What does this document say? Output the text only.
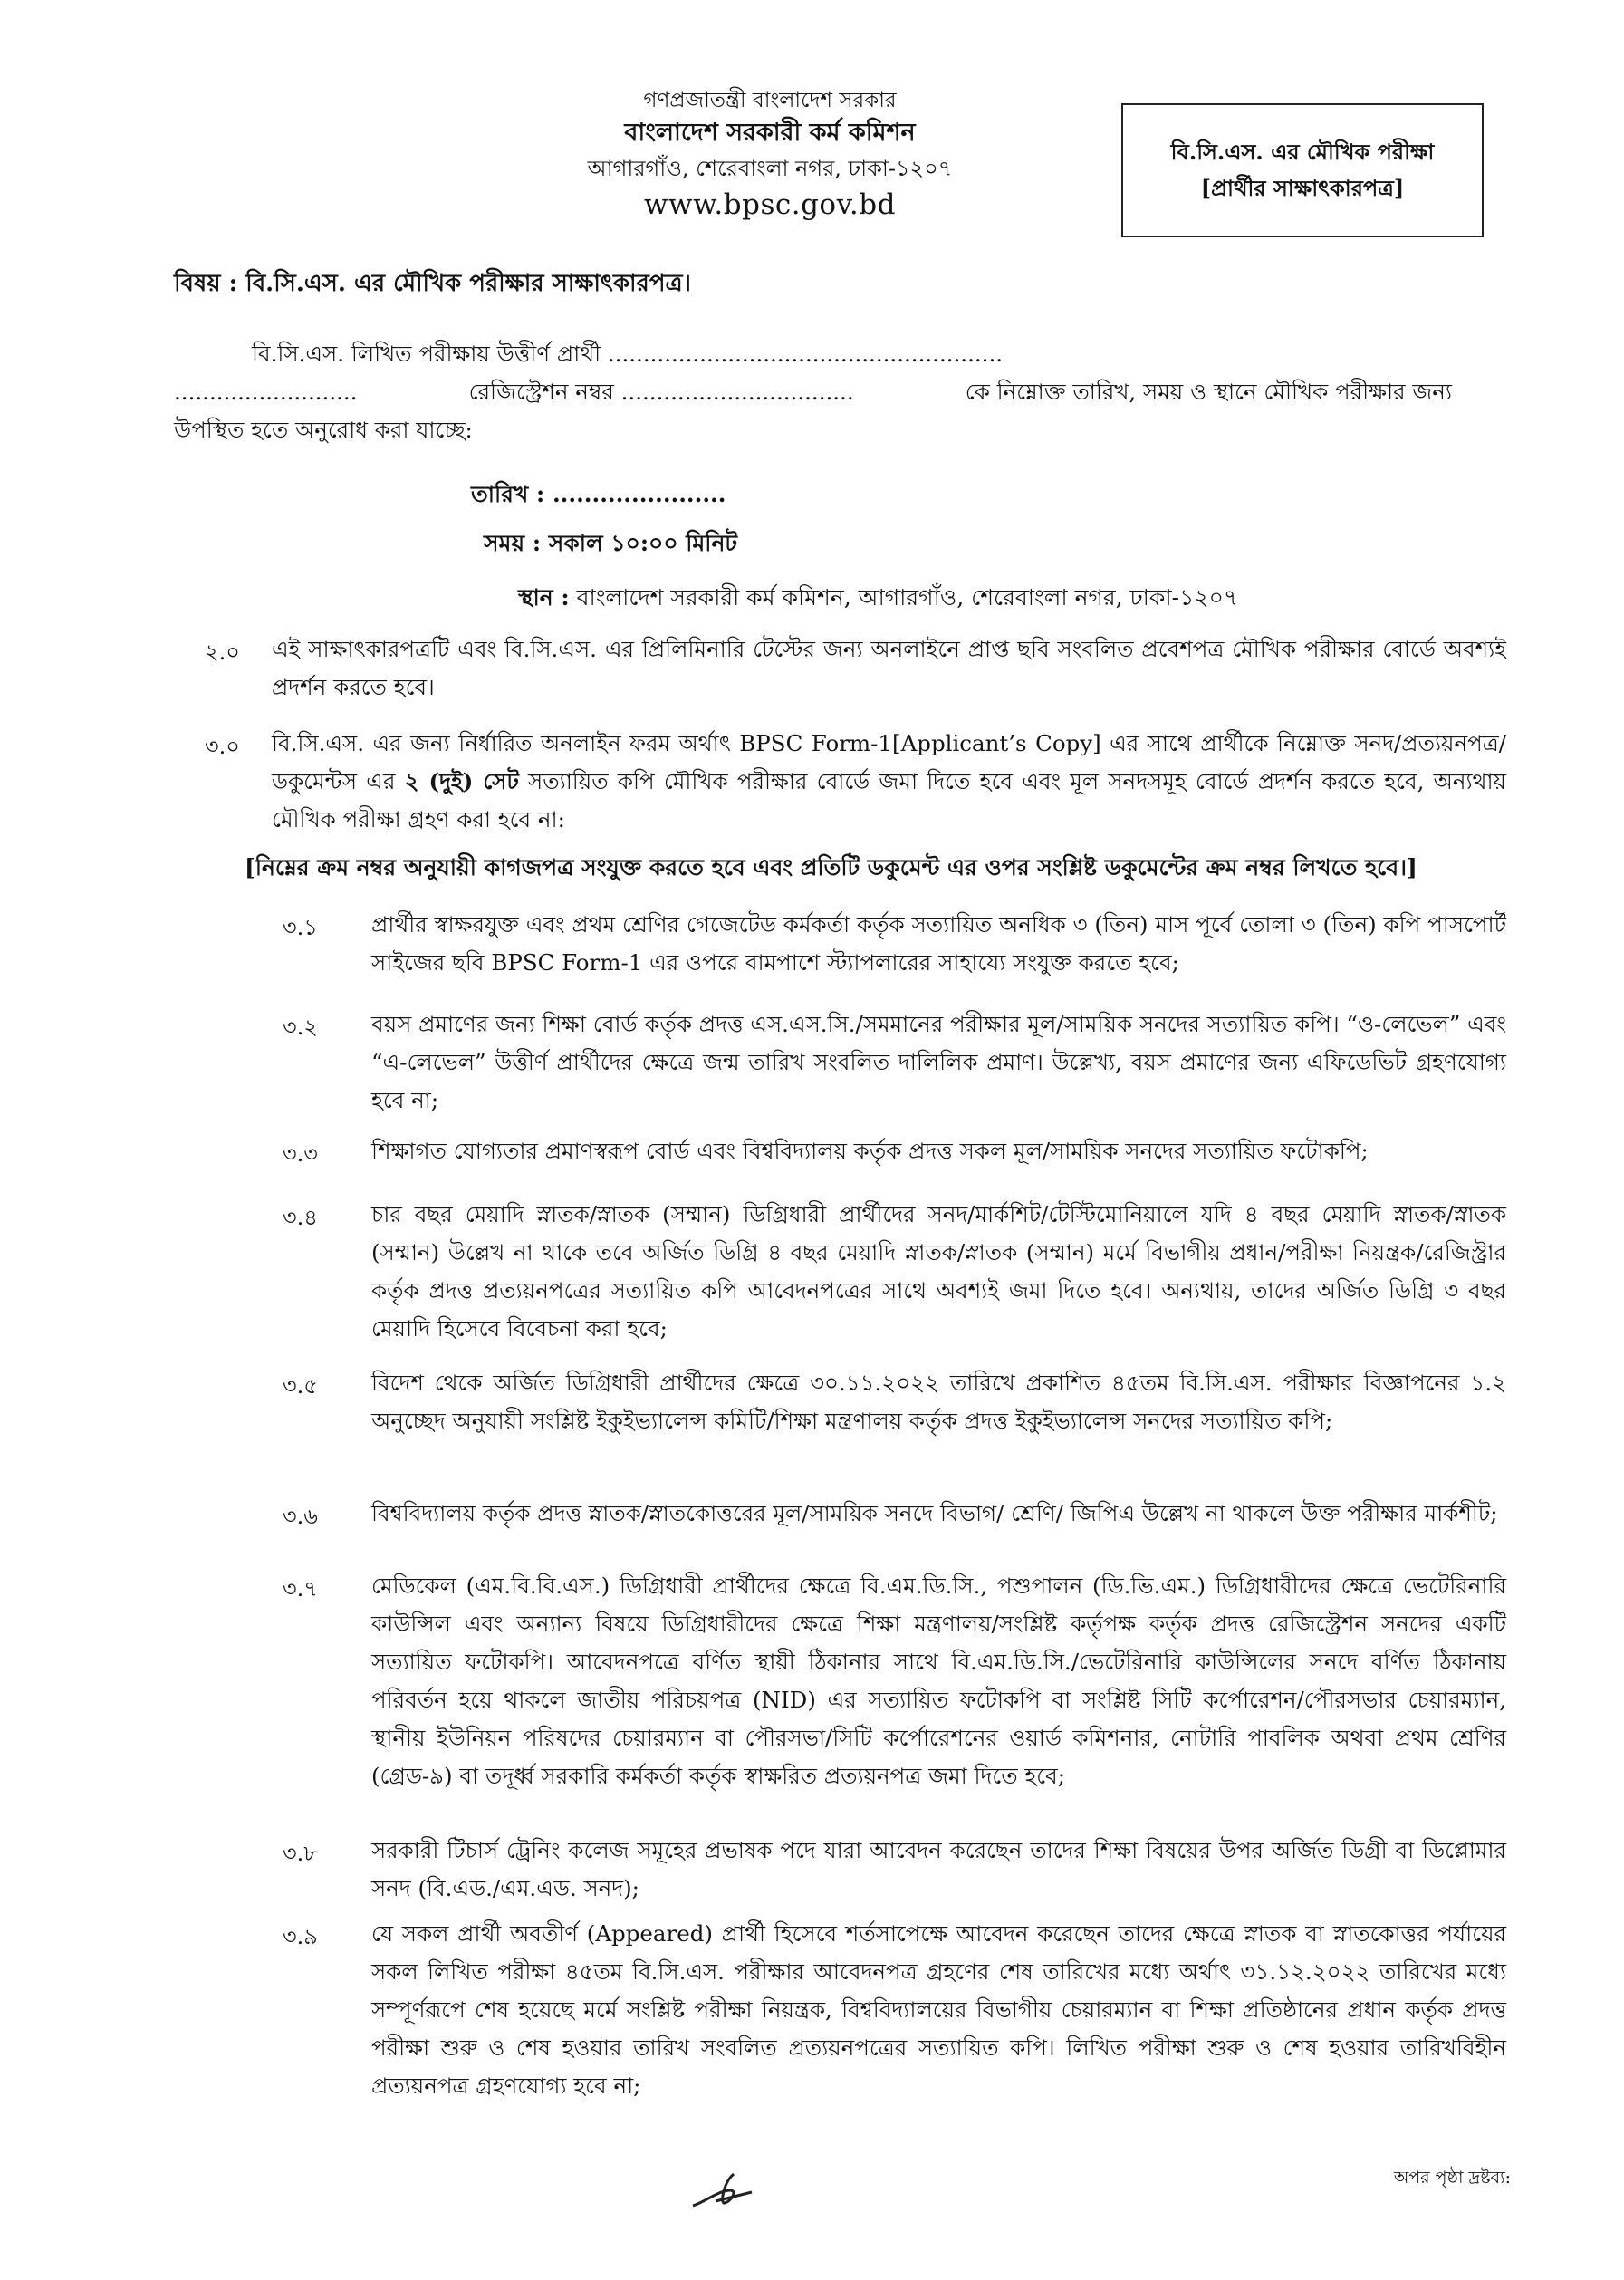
গণপ্রজাতন্ত্রী বাংলাদেশ সরকার
বাংলাদেশ সরকারী কর্ম কমিশন
আগারগাঁও, শেরেবাংলা নগর, ঢাকা-১২০৭
www.bpsc.gov.bd
বি.সি.এস. এর মৌখিক পরীক্ষা
[প্রার্থীর সাক্ষাৎকারপত্র]
বিষয় : বি.সি.এস. এর মৌখিক পরীক্ষার সাক্ষাৎকারপত্র।
বি.সি.এস. লিখিত পরীক্ষায় উত্তীর্ণ প্রার্থী ........................................................
..........................	রেজিস্ট্রেশন নম্বর .................................	কে নিম্নোক্ত তারিখ, সময় ও স্থানে মৌখিক পরীক্ষার জন্য
উপস্থিত হতে অনুরোধ করা যাচ্ছে:
তারিখ : ......................
সময় : সকাল ১০:০০ মিনিট
স্থান : বাংলাদেশ সরকারী কর্ম কমিশন, আগারগাঁও, শেরেবাংলা নগর, ঢাকা-১২০৭
২.০ এই সাক্ষাৎকারপত্রটি এবং বি.সি.এস. এর প্রিলিমিনারি টেস্টের জন্য অনলাইনে প্রাপ্ত ছবি সংবলিত প্রবেশপত্র মৌখিক পরীক্ষার বোর্ডে অবশ্যই প্রদর্শন করতে হবে।
৩.০ বি.সি.এস. এর জন্য নির্ধারিত অনলাইন ফরম অর্থাৎ BPSC Form-1[Applicant’s Copy] এর সাথে প্রার্থীকে নিম্নোক্ত সনদ/প্রত্যয়নপত্র/ডকুমেন্টস এর ২ (দুই) সেট সত্যায়িত কপি মৌখিক পরীক্ষার বোর্ডে জমা দিতে হবে এবং মূল সনদসমূহ বোর্ডে প্রদর্শন করতে হবে, অন্যথায় মৌখিক পরীক্ষা গ্রহণ করা হবে না:
[নিম্নের ক্রম নম্বর অনুযায়ী কাগজপত্র সংযুক্ত করতে হবে এবং প্রতিটি ডকুমেন্ট এর ওপর সংশ্লিষ্ট ডকুমেন্টের ক্রম নম্বর লিখতে হবে।]
৩.১ প্রার্থীর স্বাক্ষরযুক্ত এবং প্রথম শ্রেণির গেজেটেড কর্মকর্তা কর্তৃক সত্যায়িত অনধিক ৩ (তিন) মাস পূর্বে তোলা ৩ (তিন) কপি পাসপোর্ট সাইজের ছবি BPSC Form-1 এর ওপরে বামপাশে স্ট্যাপলারের সাহায্যে সংযুক্ত করতে হবে;
৩.২ বয়স প্রমাণের জন্য শিক্ষা বোর্ড কর্তৃক প্রদত্ত এস.এস.সি./সমমানের পরীক্ষার মূল/সাময়িক সনদের সত্যায়িত কপি। “ও-লেভেল” এবং “এ-লেভেল” উত্তীর্ণ প্রার্থীদের ক্ষেত্রে জন্ম তারিখ সংবলিত দালিলিক প্রমাণ। উল্লেখ্য, বয়স প্রমাণের জন্য এফিডেভিট গ্রহণযোগ্য হবে না;
৩.৩ শিক্ষাগত যোগ্যতার প্রমাণস্বরূপ বোর্ড এবং বিশ্ববিদ্যালয় কর্তৃক প্রদত্ত সকল মূল/সাময়িক সনদের সত্যায়িত ফটোকপি;
৩.৪ চার বছর মেয়াদি স্নাতক/স্নাতক (সম্মান) ডিগ্রিধারী প্রার্থীদের সনদ/মার্কশিট/টেস্টিমোনিয়ালে যদি ৪ বছর মেয়াদি স্নাতক/স্নাতক (সম্মান) উল্লেখ না থাকে তবে অর্জিত ডিগ্রি ৪ বছর মেয়াদি স্নাতক/স্নাতক (সম্মান) মর্মে বিভাগীয় প্রধান/পরীক্ষা নিয়ন্ত্রক/রেজিস্ট্রার কর্তৃক প্রদত্ত প্রত্যয়নপত্রের সত্যায়িত কপি আবেদনপত্রের সাথে অবশ্যই জমা দিতে হবে। অন্যথায়, তাদের অর্জিত ডিগ্রি ৩ বছর মেয়াদি হিসেবে বিবেচনা করা হবে;
৩.৫ বিদেশ থেকে অর্জিত ডিগ্রিধারী প্রার্থীদের ক্ষেত্রে ৩০.১১.২০২২ তারিখে প্রকাশিত ৪৫তম বি.সি.এস. পরীক্ষার বিজ্ঞাপনের ১.২ অনুচ্ছেদ অনুযায়ী সংশ্লিষ্ট ইকুইভ্যালেন্স কমিটি/শিক্ষা মন্ত্রণালয় কর্তৃক প্রদত্ত ইকুইভ্যালেন্স সনদের সত্যায়িত কপি;
৩.৬ বিশ্ববিদ্যালয় কর্তৃক প্রদত্ত স্নাতক/স্নাতকোত্তরের মূল/সাময়িক সনদে বিভাগ/ শ্রেণি/ জিপিএ উল্লেখ না থাকলে উক্ত পরীক্ষার মার্কশীট;
৩.৭ মেডিকেল (এম.বি.বি.এস.) ডিগ্রিধারী প্রার্থীদের ক্ষেত্রে বি.এম.ডি.সি., পশুপালন (ডি.ভি.এম.) ডিগ্রিধারীদের ক্ষেত্রে ভেটেরিনারি কাউন্সিল এবং অন্যান্য বিষয়ে ডিগ্রিধারীদের ক্ষেত্রে শিক্ষা মন্ত্রণালয়/সংশ্লিষ্ট কর্তৃপক্ষ কর্তৃক প্রদত্ত রেজিস্ট্রেশন সনদের একটি সত্যায়িত ফটোকপি। আবেদনপত্রে বর্ণিত স্থায়ী ঠিকানার সাথে বি.এম.ডি.সি./ভেটেরিনারি কাউন্সিলের সনদে বর্ণিত ঠিকানায় পরিবর্তন হয়ে থাকলে জাতীয় পরিচয়পত্র (NID) এর সত্যায়িত ফটোকপি বা সংশ্লিষ্ট সিটি কর্পোরেশন/পৌরসভার চেয়ারম্যান, স্থানীয় ইউনিয়ন পরিষদের চেয়ারম্যান বা পৌরসভা/সিটি কর্পোরেশনের ওয়ার্ড কমিশনার, নোটারি পাবলিক অথবা প্রথম শ্রেণির (গ্রেড-৯) বা তদূর্ধ্ব সরকারি কর্মকর্তা কর্তৃক স্বাক্ষরিত প্রত্যয়নপত্র জমা দিতে হবে;
৩.৮ সরকারী টিচার্স ট্রেনিং কলেজ সমূহের প্রভাষক পদে যারা আবেদন করেছেন তাদের শিক্ষা বিষয়ের উপর অর্জিত ডিগ্রী বা ডিপ্লোমার সনদ (বি.এড./এম.এড. সনদ);
৩.৯ যে সকল প্রার্থী অবতীর্ণ (Appeared) প্রার্থী হিসেবে শর্তসাপেক্ষে আবেদন করেছেন তাদের ক্ষেত্রে স্নাতক বা স্নাতকোত্তর পর্যায়ের সকল লিখিত পরীক্ষা ৪৫তম বি.সি.এস. পরীক্ষার আবেদনপত্র গ্রহণের শেষ তারিখের মধ্যে অর্থাৎ ৩১.১২.২০২২ তারিখের মধ্যে সম্পূর্ণরূপে শেষ হয়েছে মর্মে সংশ্লিষ্ট পরীক্ষা নিয়ন্ত্রক, বিশ্ববিদ্যালয়ের বিভাগীয় চেয়ারম্যান বা শিক্ষা প্রতিষ্ঠানের প্রধান কর্তৃক প্রদত্ত পরীক্ষা শুরু ও শেষ হওয়ার তারিখ সংবলিত প্রত্যয়নপত্রের সত্যায়িত কপি। লিখিত পরীক্ষা শুরু ও শেষ হওয়ার তারিখবিহীন প্রত্যয়নপত্র গ্রহণযোগ্য হবে না;
অপর পৃষ্ঠা দ্রষ্টব্য:
